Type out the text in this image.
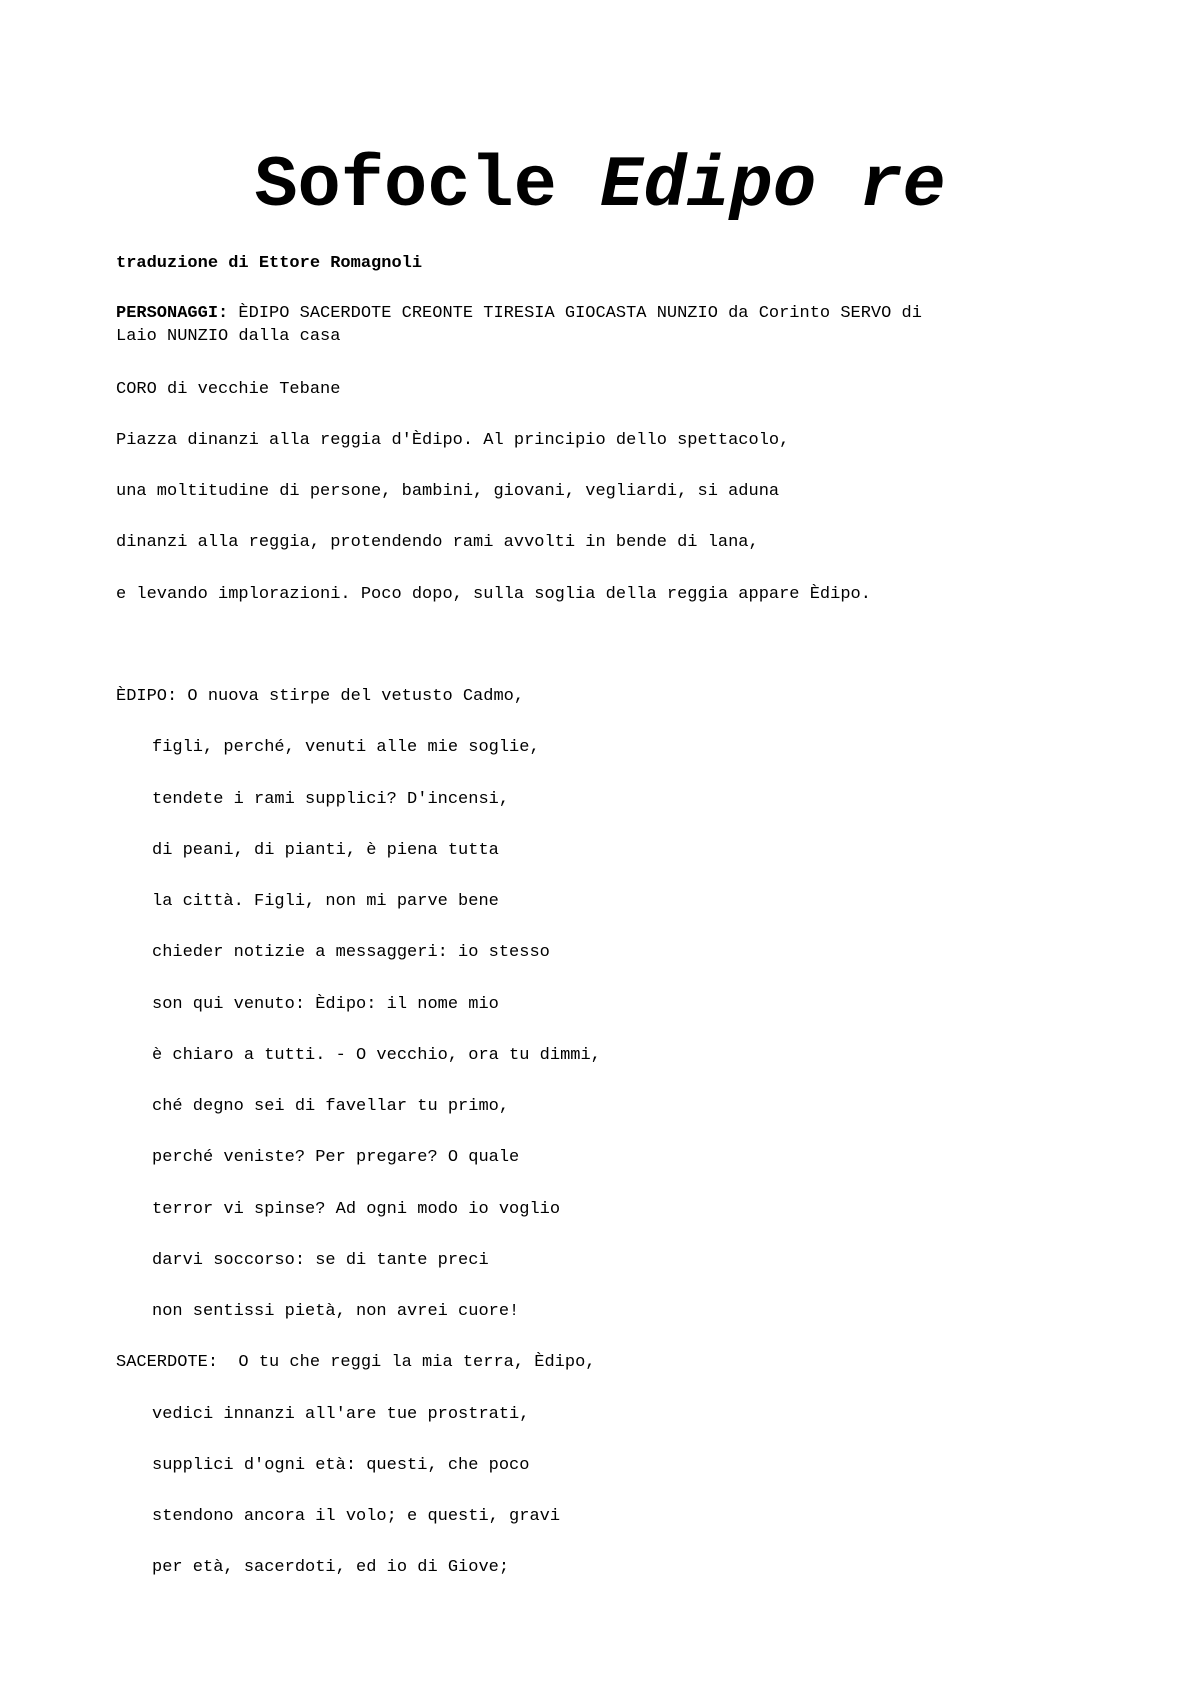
Sofocle Edipo re
traduzione di Ettore Romagnoli
PERSONAGGI: ÈDIPO SACERDOTE CREONTE TIRESIA GIOCASTA NUNZIO da Corinto SERVO di
Laio NUNZIO dalla casa
CORO di vecchie Tebane
Piazza dinanzi alla reggia d'Èdipo. Al principio dello spettacolo,
una moltitudine di persone, bambini, giovani, vegliardi, si aduna
dinanzi alla reggia, protendendo rami avvolti in bende di lana,
e levando implorazioni. Poco dopo, sulla soglia della reggia appare Èdipo.
ÈDIPO: O nuova stirpe del vetusto Cadmo,
figli, perché, venuti alle mie soglie,
tendete i rami supplici? D'incensi,
di peani, di pianti, è piena tutta
la città. Figli, non mi parve bene
chieder notizie a messaggeri: io stesso
son qui venuto: Èdipo: il nome mio
è chiaro a tutti. - O vecchio, ora tu dimmi,
ché degno sei di favellar tu primo,
perché veniste? Per pregare? O quale
terror vi spinse? Ad ogni modo io voglio
darvi soccorso: se di tante preci
non sentissi pietà, non avrei cuore!
SACERDOTE:  O tu che reggi la mia terra, Èdipo,
vedici innanzi all'are tue prostrati,
supplici d'ogni età: questi, che poco
stendono ancora il volo; e questi, gravi
per età, sacerdoti, ed io di Giove;
